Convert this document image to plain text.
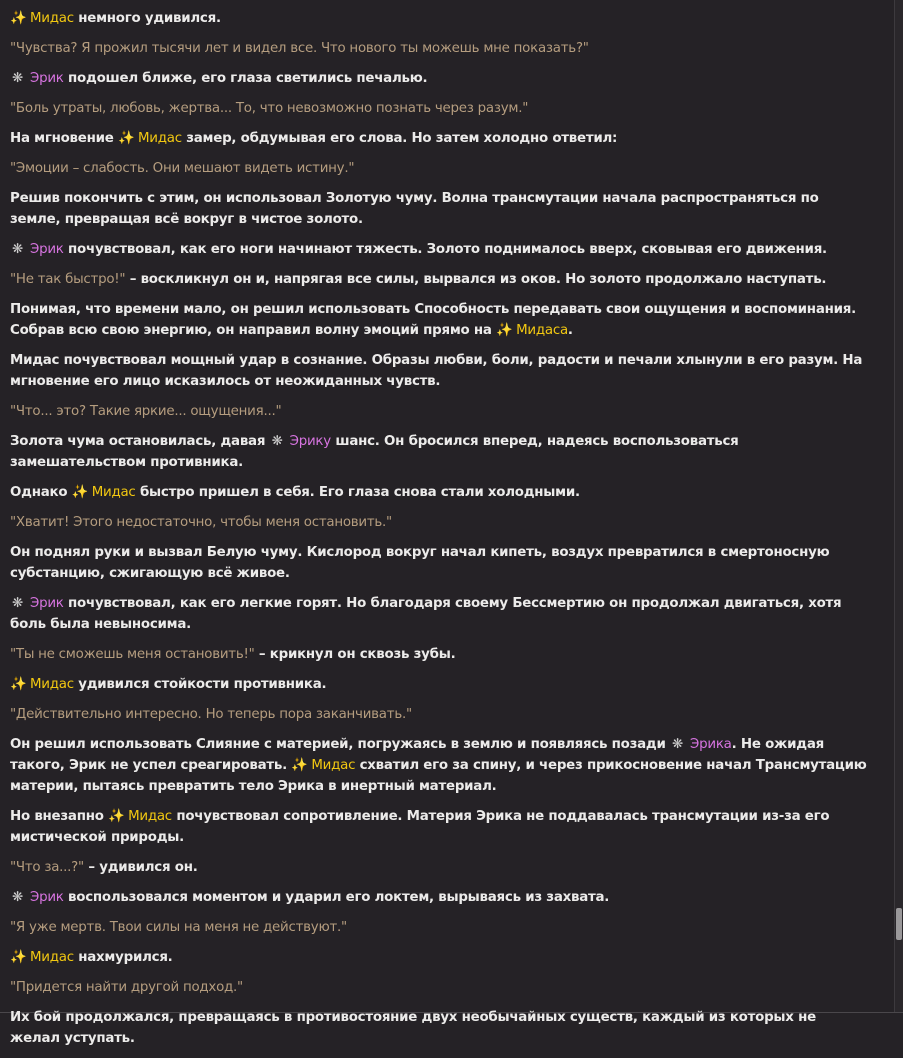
✨ Мидас немного удивился.
"Чувства? Я прожил тысячи лет и видел все. Что нового ты можешь мне показать?"
❋ Эрик подошел ближе, его глаза светились печалью.
"Боль утраты, любовь, жертва... То, что невозможно познать через разум."
На мгновение ✨ Мидас замер, обдумывая его слова. Но затем холодно ответил:
"Эмоции – слабость. Они мешают видеть истину."
Решив покончить с этим, он использовал Золотую чуму. Волна трансмутации начала распространяться по земле, превращая всё вокруг в чистое золото.
❋ Эрик почувствовал, как его ноги начинают тяжесть. Золото поднималось вверх, сковывая его движения.
"Не так быстро!" – воскликнул он и, напрягая все силы, вырвался из оков. Но золото продолжало наступать.
Понимая, что времени мало, он решил использовать Способность передавать свои ощущения и воспоминания. Собрав всю свою энергию, он направил волну эмоций прямо на ✨ Мидаса.
Мидас почувствовал мощный удар в сознание. Образы любви, боли, радости и печали хлынули в его разум. На мгновение его лицо исказилось от неожиданных чувств.
"Что... это? Такие яркие... ощущения..."
Золота чума остановилась, давая ❋ Эрику шанс. Он бросился вперед, надеясь воспользоваться замешательством противника.
Однако ✨ Мидас быстро пришел в себя. Его глаза снова стали холодными.
"Хватит! Этого недостаточно, чтобы меня остановить."
Он поднял руки и вызвал Белую чуму. Кислород вокруг начал кипеть, воздух превратился в смертоносную субстанцию, сжигающую всё живое.
❋ Эрик почувствовал, как его легкие горят. Но благодаря своему Бессмертию он продолжал двигаться, хотя боль была невыносима.
"Ты не сможешь меня остановить!" – крикнул он сквозь зубы.
✨ Мидас удивился стойкости противника.
"Действительно интересно. Но теперь пора заканчивать."
Он решил использовать Слияние с материей, погружаясь в землю и появляясь позади ❋ Эрика. Не ожидая такого, Эрик не успел среагировать. ✨ Мидас схватил его за спину, и через прикосновение начал Трансмутацию материи, пытаясь превратить тело Эрика в инертный материал.
Но внезапно ✨ Мидас почувствовал сопротивление. Материя Эрика не поддавалась трансмутации из-за его мистической природы.
"Что за...?" – удивился он.
❋ Эрик воспользовался моментом и ударил его локтем, вырываясь из захвата.
"Я уже мертв. Твои силы на меня не действуют."
✨ Мидас нахмурился.
"Придется найти другой подход."
Их бой продолжался, превращаясь в противостояние двух необычайных существ, каждый из которых не желал уступать.
